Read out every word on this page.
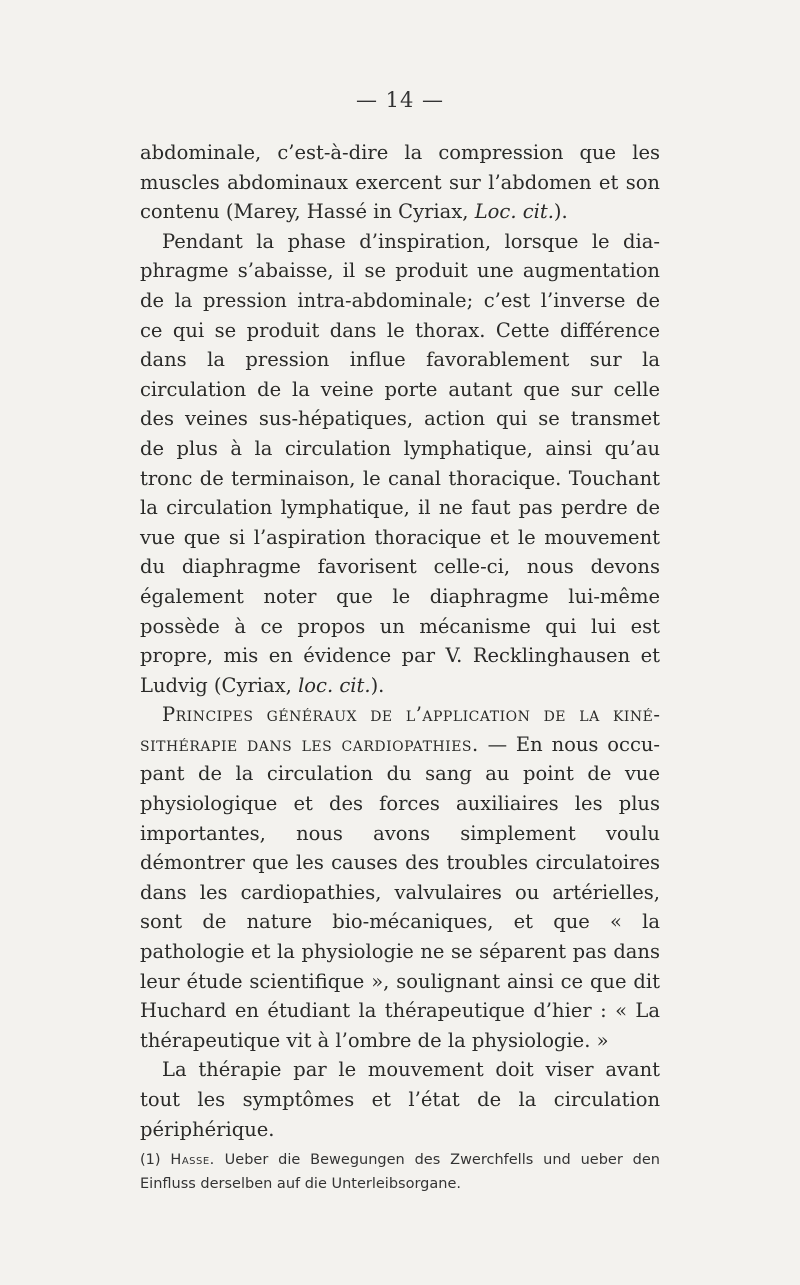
— 14 —

abdominale, c’est-à-dire la compression que les muscles abdominaux exercent sur l’abdomen et son contenu (Marey, Hassé in Cyriax, Loc. cit.).

Pendant la phase d’inspiration, lorsque le diaphragme s’abaisse, il se produit une augmentation de la pression intra-abdominale; c’est l’inverse de ce qui se produit dans le thorax. Cette différence dans la pression influe favorablement sur la circulation de la veine porte autant que sur celle des veines sus-hépatiques, action qui se transmet de plus à la circulation lymphatique, ainsi qu’au tronc de terminaison, le canal thoracique. Touchant la circulation lymphatique, il ne faut pas perdre de vue que si l’aspiration thoracique et le mouvement du diaphragme favorisent celle-ci, nous devons également noter que le diaphragme lui-même possède à ce propos un mécanisme qui lui est propre, mis en évidence par V. Recklinghausen et Ludvig (Cyriax, loc. cit.).

Principes généraux de l’application de la kinésithérapie dans les cardiopathies. — En nous occupant de la circulation du sang au point de vue physiologique et des forces auxiliaires les plus importantes, nous avons simplement voulu démontrer que les causes des troubles circulatoires dans les cardiopathies, valvulaires ou artérielles, sont de nature bio-mécaniques, et que « la pathologie et la physiologie ne se séparent pas dans leur étude scientifique », soulignant ainsi ce que dit Huchard en étudiant la thérapeutique d’hier : « La thérapeutique vit à l’ombre de la physiologie. »

La thérapie par le mouvement doit viser avant tout les symptômes et l’état de la circulation périphérique.

(1) Hasse. Ueber die Bewegungen des Zwerchfells und ueber den Einfluss derselben auf die Unterleibsorgane.
